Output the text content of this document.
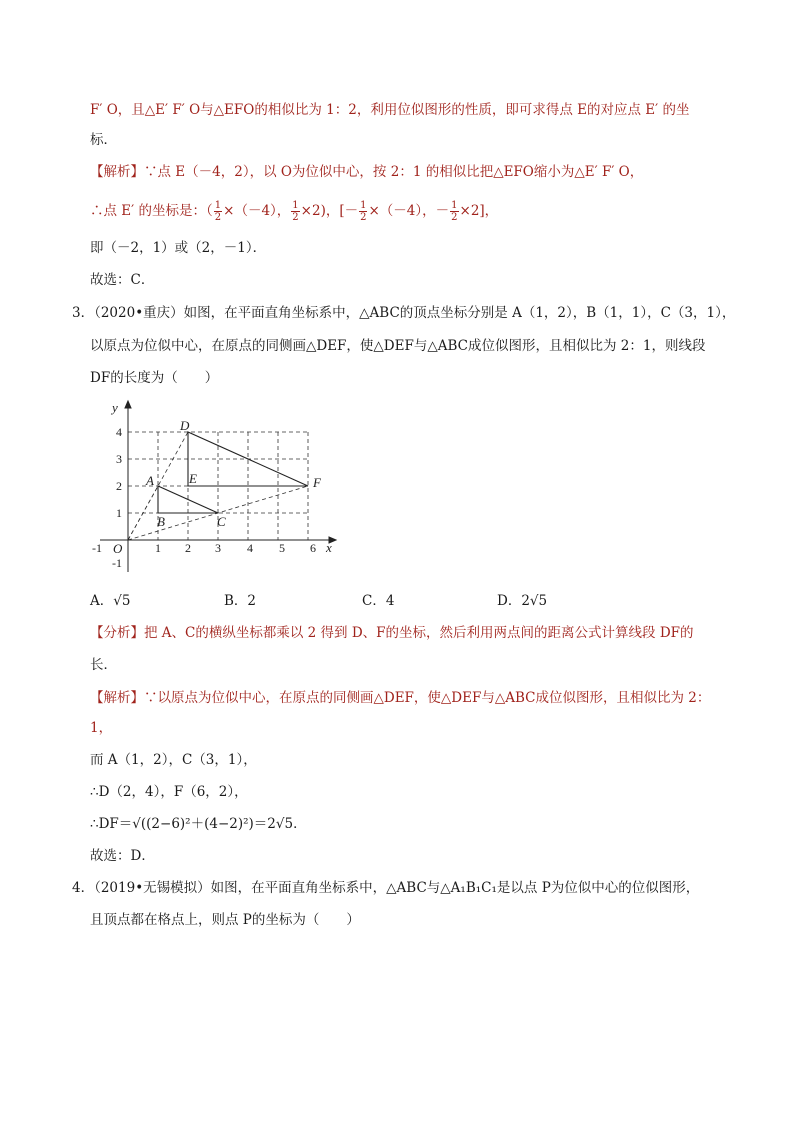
F′ O，且△E′ F′ O与△EFO的相似比为 1：2，利用位似图形的性质，即可求得点 E的对应点 E′ 的坐
标．
【解析】∵点 E（－4，2），以 O为位似中心，按 2：1 的相似比把△EFO缩小为△E′ F′ O，
∴点 E′ 的坐标是：（ $\frac{1}{2} \times(-4)$， $\frac{1}{2} \times 2$)，[－ $\frac{1}{2} \times(-4)$，－ $\frac{1}{2} \times 2$]，
即（－2，1）或（2，－1）．
故选：C．
3．（2020•重庆）如图，在平面直角坐标系中，△ABC的顶点坐标分别是 A（1，2），B（1，1），C（3，1），
以原点为位似中心，在原点的同侧画△DEF，使△DEF与△ABC成位似图形，且相似比为 2：1，则线段
DF的长度为（　　）
-1	1 2 3 4 5 6
4
3
2
1
-1
x
y
O
D
A	E	F
B	C
A．√5	B．2	C．4	D．2√5
【分析】把 A、C的横纵坐标都乘以 2 得到 D、F的坐标，然后利用两点间的距离公式计算线段 DF的
长．
【解析】∵以原点为位似中心，在原点的同侧画△DEF，使△DEF与△ABC成位似图形，且相似比为 2：
1，
而 A（1，2），C（3，1），
∴D（2，4），F（6，2），
∴DF＝√((2−6)²＋(4−2)²)＝2√5．
故选：D．
4．（2019•无锡模拟）如图，在平面直角坐标系中，△ABC与△A₁B₁C₁是以点 P为位似中心的位似图形，
且顶点都在格点上，则点 P的坐标为（　　）
